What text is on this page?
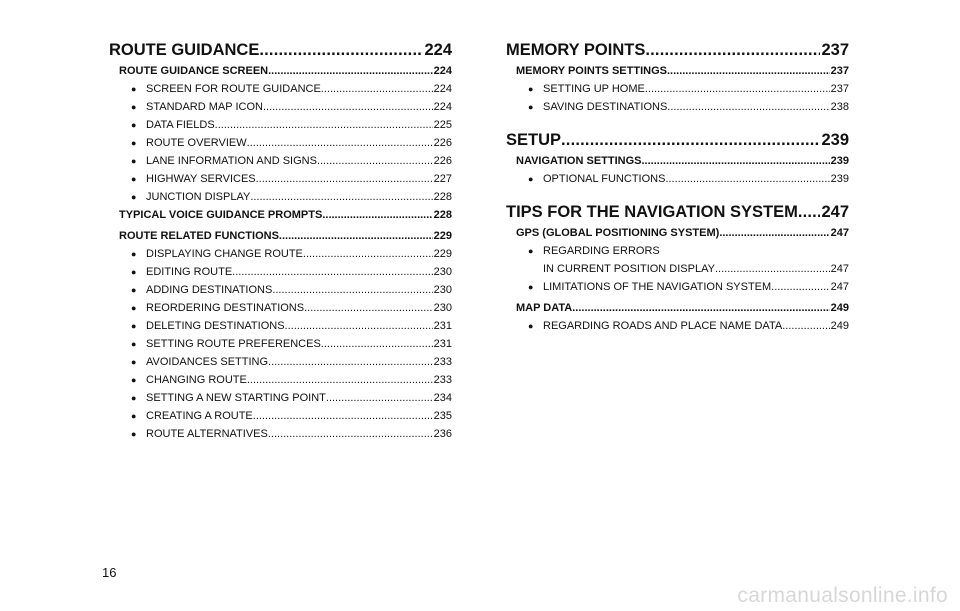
ROUTE GUIDANCE .....	224
ROUTE GUIDANCE SCREEN .....	224
● SCREEN FOR ROUTE GUIDANCE .....	224
● STANDARD MAP ICON .....	224
● DATA FIELDS .....	225
● ROUTE OVERVIEW .....	226
● LANE INFORMATION AND SIGNS .....	226
● HIGHWAY SERVICES .....	227
● JUNCTION DISPLAY .....	228
TYPICAL VOICE GUIDANCE PROMPTS .....	228
ROUTE RELATED FUNCTIONS .....	229
● DISPLAYING CHANGE ROUTE .....	229
● EDITING ROUTE .....	230
● ADDING DESTINATIONS .....	230
● REORDERING DESTINATIONS .....	230
● DELETING DESTINATIONS .....	231
● SETTING ROUTE PREFERENCES .....	231
● AVOIDANCES SETTING .....	233
● CHANGING ROUTE .....	233
● SETTING A NEW STARTING POINT .....	234
● CREATING A ROUTE .....	235
● ROUTE ALTERNATIVES .....	236
MEMORY POINTS .....	237
MEMORY POINTS SETTINGS .....	237
● SETTING UP HOME .....	237
● SAVING DESTINATIONS .....	238
SETUP .....	239
NAVIGATION SETTINGS .....	239
● OPTIONAL FUNCTIONS .....	239
TIPS FOR THE NAVIGATION SYSTEM ..... 247
GPS (GLOBAL POSITIONING SYSTEM) .....	247
● REGARDING ERRORS
IN CURRENT POSITION DISPLAY .....	247
● LIMITATIONS OF THE NAVIGATION SYSTEM .....	247
MAP DATA .....	249
● REGARDING ROADS AND PLACE NAME DATA .....	249
16
carmanualsonline.info
